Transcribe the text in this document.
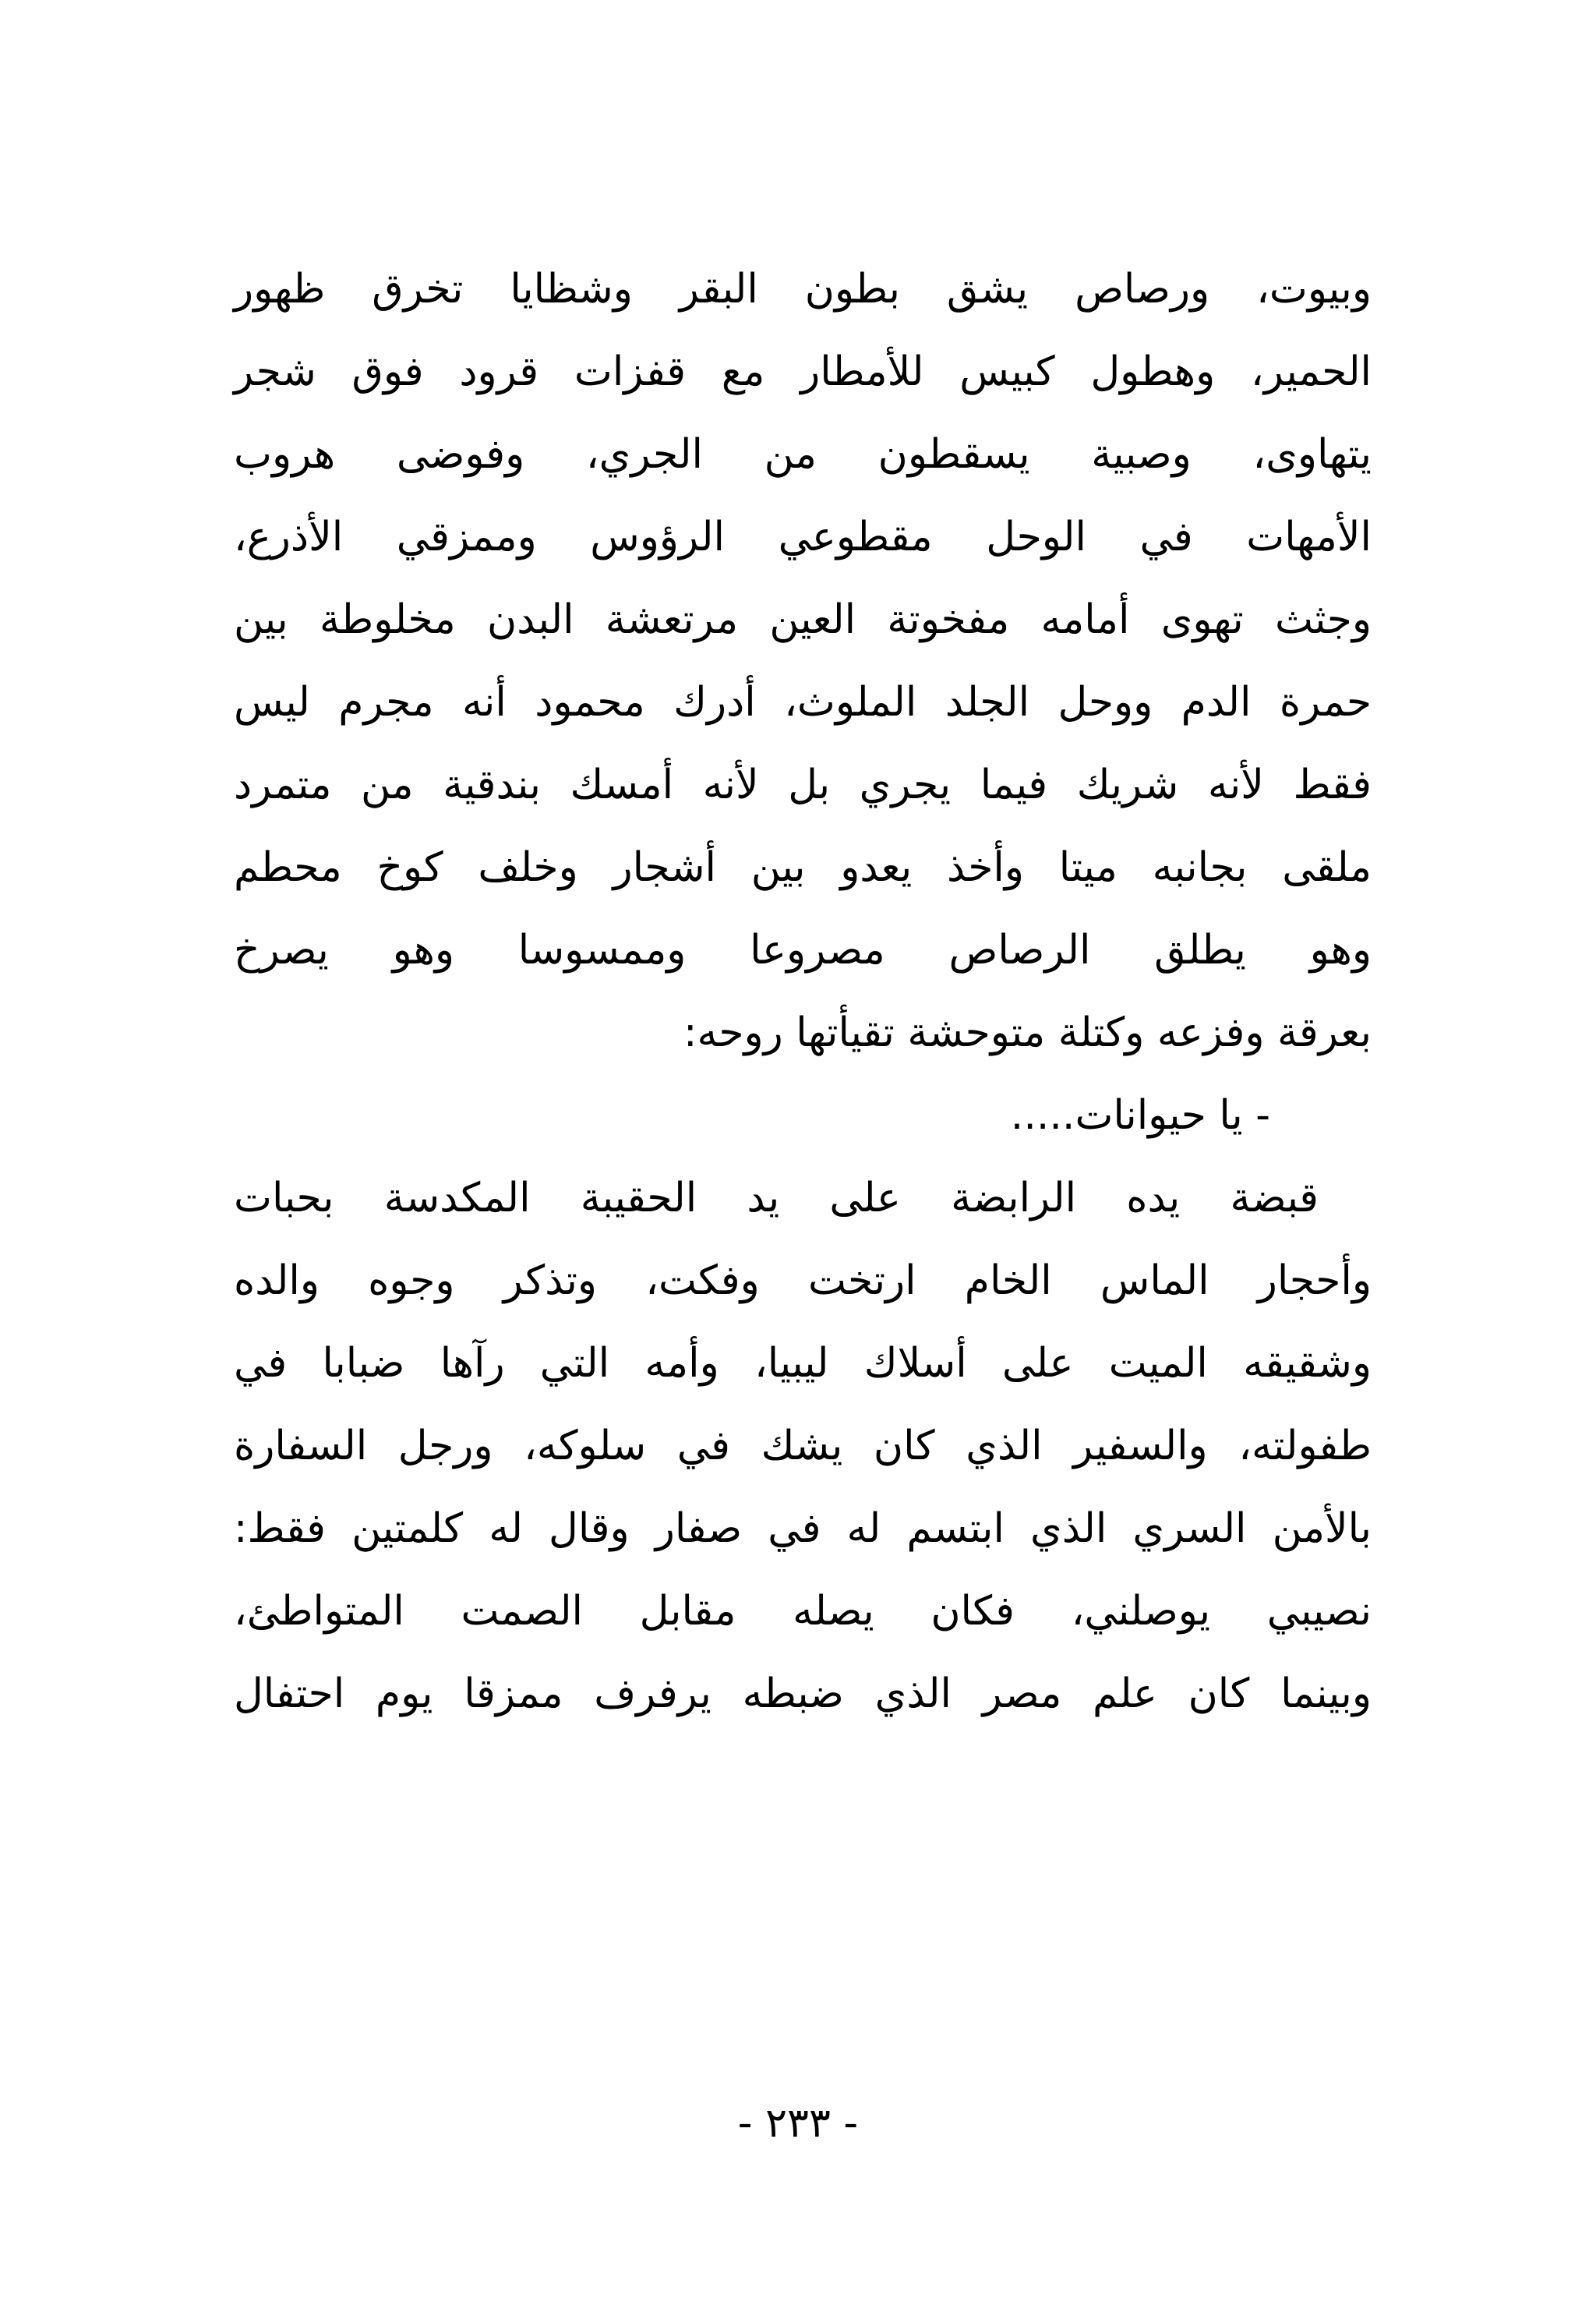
وبيوت، ورصاص يشق بطون البقر وشظايا تخرق ظهور
الحمير، وهطول كبيس للأمطار مع قفزات قرود فوق شجر
يتهاوى، وصبية يسقطون من الجري، وفوضى هروب
الأمهات في الوحل مقطوعي الرؤوس وممزقي الأذرع،
وجثث تهوى أمامه مفخوتة العين مرتعشة البدن مخلوطة بين
حمرة الدم ووحل الجلد الملوث، أدرك محمود أنه مجرم ليس
فقط لأنه شريك فيما يجري بل لأنه أمسك بندقية من متمرد
ملقى بجانبه ميتا وأخذ يعدو بين أشجار وخلف كوخ محطم
وهو يطلق الرصاص مصروعا وممسوسا وهو يصرخ
بعرقة وفزعه وكتلة متوحشة تقيأتها روحه:
- يا حيوانات.....
قبضة يده الرابضة على يد الحقيبة المكدسة بحبات
وأحجار الماس الخام ارتخت وفكت، وتذكر وجوه والده
وشقيقه الميت على أسلاك ليبيا، وأمه التي رآها ضبابا في
طفولته، والسفير الذي كان يشك في سلوكه، ورجل السفارة
بالأمن السري الذي ابتسم له في صفار وقال له كلمتين فقط:
نصيبي يوصلني، فكان يصله مقابل الصمت المتواطئ،
وبينما كان علم مصر الذي ضبطه يرفرف ممزقا يوم احتفال
- ٢٣٣ -
